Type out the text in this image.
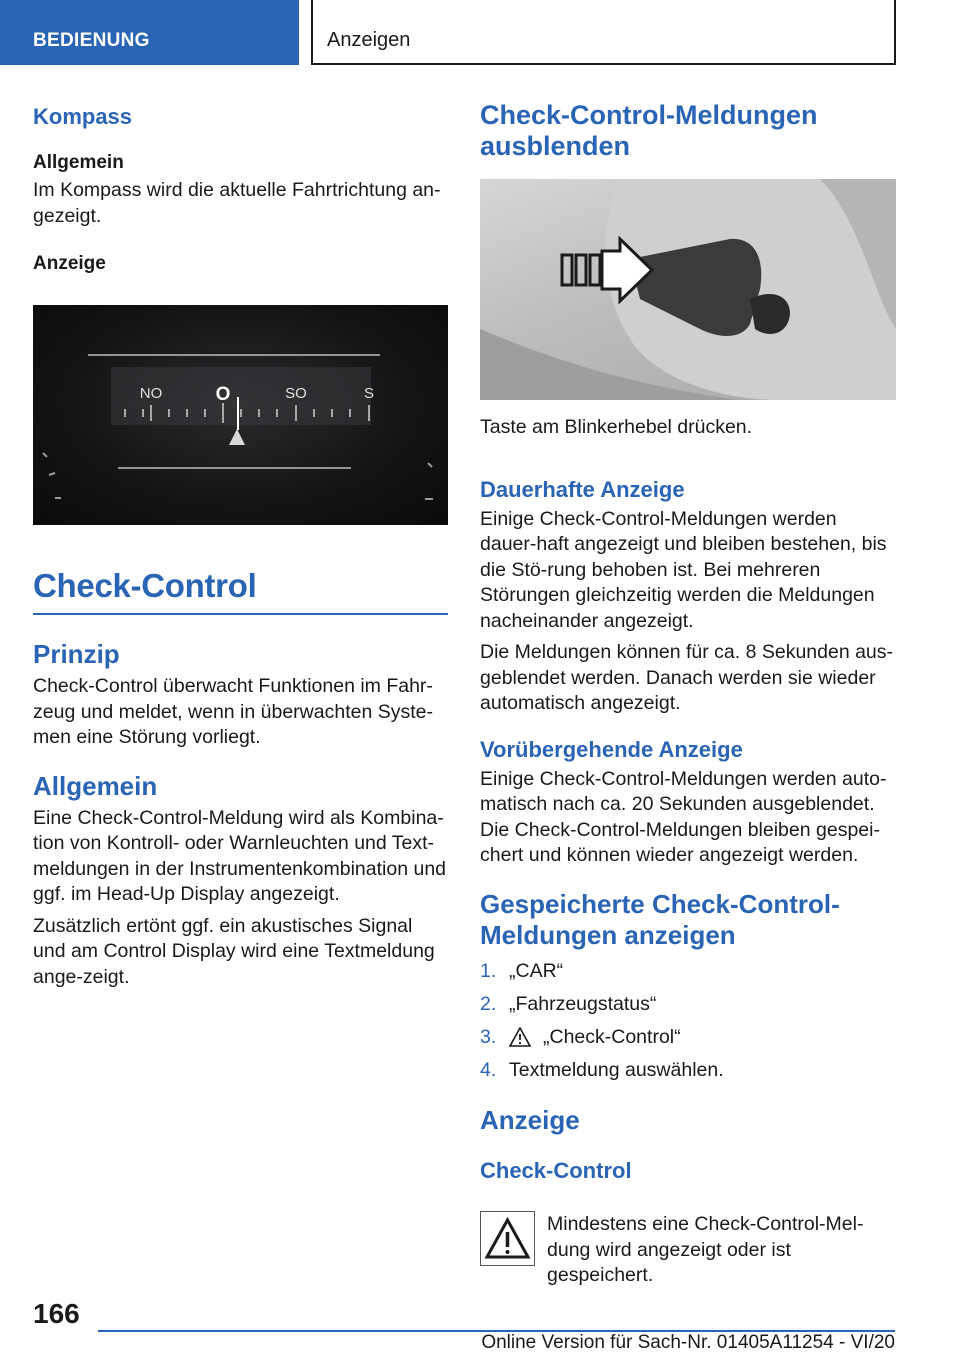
BEDIENUNG	Anzeigen
Kompass
Allgemein

Im Kompass wird die aktuelle Fahrtrichtung an-gezeigt.

Anzeige
NO	O	SO	S
Check-Control
Prinzip

Check-Control überwacht Funktionen im Fahr-zeug und meldet, wenn in überwachten Syste-men eine Störung vorliegt.

Allgemein

Eine Check-Control-Meldung wird als Kombina-tion von Kontroll- oder Warnleuchten und Text-meldungen in der Instrumentenkombination und ggf. im Head-Up Display angezeigt.

Zusätzlich ertönt ggf. ein akustisches Signal und am Control Display wird eine Textmeldung ange-zeigt.

Check-Control-Meldungen ausblenden

Taste am Blinkerhebel drücken.

Dauerhafte Anzeige

Einige Check-Control-Meldungen werden dauer-haft angezeigt und bleiben bestehen, bis die Stö-rung behoben ist. Bei mehreren Störungen gleichzeitig werden die Meldungen nacheinander angezeigt.

Die Meldungen können für ca. 8 Sekunden aus-geblendet werden. Danach werden sie wieder automatisch angezeigt.

Vorübergehende Anzeige

Einige Check-Control-Meldungen werden auto-matisch nach ca. 20 Sekunden ausgeblendet. Die Check-Control-Meldungen bleiben gespei-chert und können wieder angezeigt werden.

Gespeicherte Check-Control-Meldungen anzeigen
1. „CAR“
2. „Fahrzeugstatus“
3.	„Check-Control“
4. Textmeldung auswählen.
Anzeige
Check-Control

Mindestens eine Check-Control-Mel-dung wird angezeigt oder ist gespeichert.

166
Online Version für Sach-Nr. 01405A11254 - VI/20
